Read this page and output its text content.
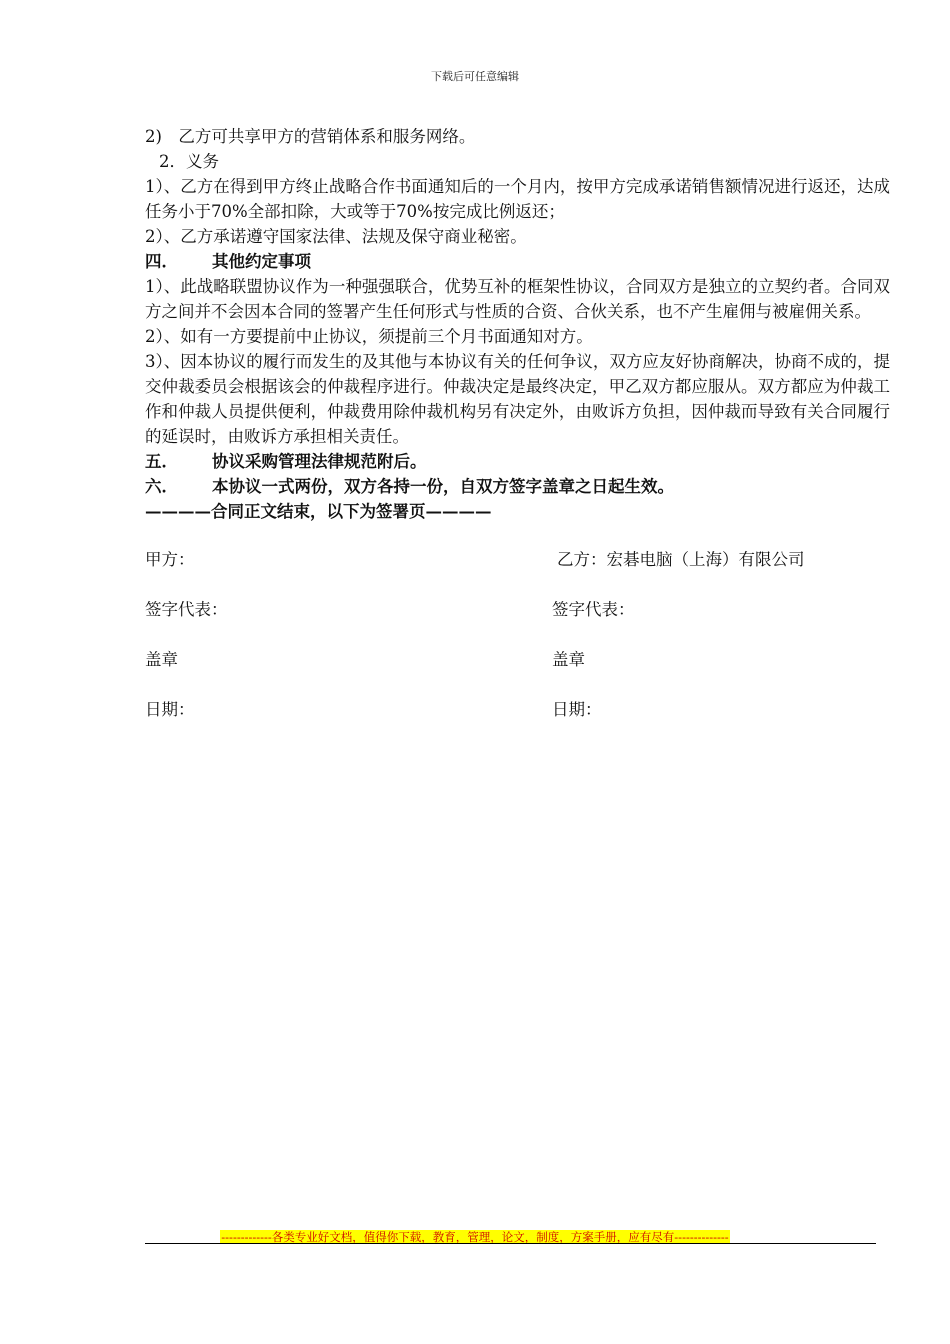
下载后可任意编辑
2)　乙方可共享甲方的营销体系和服务网络。
2．义务
1）、乙方在得到甲方终止战略合作书面通知后的一个月内，按甲方完成承诺销售额情况进行返还，达成任务小于70%全部扣除，大或等于70%按完成比例返还；
2）、乙方承诺遵守国家法律、法规及保守商业秘密。
四． 其他约定事项
1）、此战略联盟协议作为一种强强联合，优势互补的框架性协议，合同双方是独立的立契约者。合同双方之间并不会因本合同的签署产生任何形式与性质的合资、合伙关系，也不产生雇佣与被雇佣关系。
2）、如有一方要提前中止协议，须提前三个月书面通知对方。
3）、因本协议的履行而发生的及其他与本协议有关的任何争议，双方应友好协商解决，协商不成的，提交仲裁委员会根据该会的仲裁程序进行。仲裁决定是最终决定，甲乙双方都应服从。双方都应为仲裁工作和仲裁人员提供便利，仲裁费用除仲裁机构另有决定外，由败诉方负担，因仲裁而导致有关合同履行的延误时，由败诉方承担相关责任。
五． 协议采购管理法律规范附后。
六． 本协议一式两份，双方各持一份，自双方签字盖章之日起生效。
————合同正文结束，以下为签署页————
甲方：	乙方：宏碁电脑（上海）有限公司
签字代表：	签字代表：
盖章	盖章
日期：	日期：
-------------各类专业好文档，值得你下载，教育，管理，论文，制度，方案手册，应有尽有--------------
